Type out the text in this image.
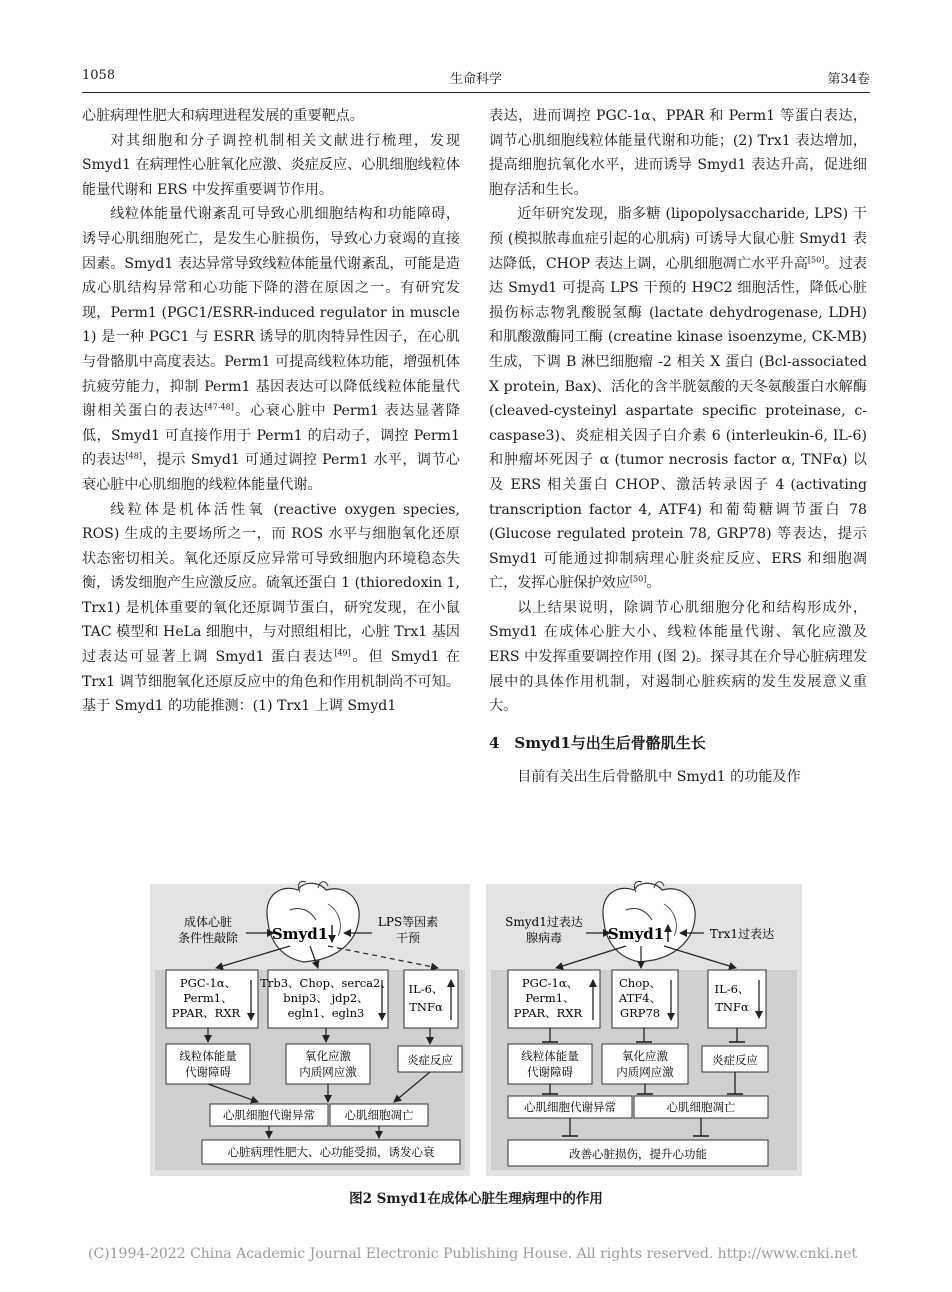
1058	生命科学	第34卷

心脏病理性肥大和病理进程发展的重要靶点。

对其细胞和分子调控机制相关文献进行梳理，发现 Smyd1 在病理性心脏氧化应激、炎症反应、心肌细胞线粒体能量代谢和 ERS 中发挥重要调节作用。

线粒体能量代谢紊乱可导致心肌细胞结构和功能障碍，诱导心肌细胞死亡，是发生心脏损伤，导致心力衰竭的直接因素。Smyd1 表达异常导致线粒体能量代谢紊乱，可能是造成心肌结构异常和心功能下降的潜在原因之一。有研究发现，Perm1 (PGC1/ESRR-induced regulator in muscle 1) 是一种 PGC1 与 ESRR 诱导的肌肉特异性因子，在心肌与骨骼肌中高度表达。Perm1 可提高线粒体功能，增强机体抗疲劳能力，抑制 Perm1 基因表达可以降低线粒体能量代谢相关蛋白的表达[47-48]。心衰心脏中 Perm1 表达显著降低，Smyd1 可直接作用于 Perm1 的启动子，调控 Perm1 的表达[48]，提示 Smyd1 可通过调控 Perm1 水平，调节心衰心脏中心肌细胞的线粒体能量代谢。

线粒体是机体活性氧 (reactive oxygen species, ROS) 生成的主要场所之一，而 ROS 水平与细胞氧化还原状态密切相关。氧化还原反应异常可导致细胞内环境稳态失衡，诱发细胞产生应激反应。硫氧还蛋白 1 (thioredoxin 1, Trx1) 是机体重要的氧化还原调节蛋白，研究发现，在小鼠 TAC 模型和 HeLa 细胞中，与对照组相比，心脏 Trx1 基因过表达可显著上调 Smyd1 蛋白表达[49]。但 Smyd1 在 Trx1 调节细胞氧化还原反应中的角色和作用机制尚不可知。基于 Smyd1 的功能推测：(1) Trx1 上调 Smyd1

表达，进而调控 PGC-1α、PPAR 和 Perm1 等蛋白表达，调节心肌细胞线粒体能量代谢和功能；(2) Trx1 表达增加，提高细胞抗氧化水平，进而诱导 Smyd1 表达升高，促进细胞存活和生长。

近年研究发现，脂多糖 (lipopolysaccharide, LPS) 干预 (模拟脓毒血症引起的心肌病) 可诱导大鼠心脏 Smyd1 表达降低，CHOP 表达上调，心肌细胞凋亡水平升高[50]。过表达 Smyd1 可提高 LPS 干预的 H9C2 细胞活性，降低心脏损伤标志物乳酸脱氢酶 (lactate dehydrogenase, LDH) 和肌酸激酶同工酶 (creatine kinase isoenzyme, CK-MB) 生成，下调 B 淋巴细胞瘤 -2 相关 X 蛋白 (Bcl-associated X protein, Bax)、活化的含半胱氨酸的天冬氨酸蛋白水解酶 (cleaved-cysteinyl aspartate specific proteinase, c-caspase3)、炎症相关因子白介素 6 (interleukin-6, IL-6) 和肿瘤坏死因子 α (tumor necrosis factor α, TNFα) 以及 ERS 相关蛋白 CHOP、激活转录因子 4 (activating transcription factor 4, ATF4) 和葡萄糖调节蛋白 78 (Glucose regulated protein 78, GRP78) 等表达，提示 Smyd1 可能通过抑制病理心脏炎症反应、ERS 和细胞凋亡，发挥心脏保护效应[50]。

以上结果说明，除调节心肌细胞分化和结构形成外，Smyd1 在成体心脏大小、线粒体能量代谢、氧化应激及 ERS 中发挥重要调控作用 (图 2)。探寻其在介导心脏病理发展中的具体作用机制，对遏制心脏疾病的发生发展意义重大。

4　Smyd1与出生后骨骼肌生长

目前有关出生后骨骼肌中 Smyd1 的功能及作

Smyd1
成体心脏
条件性敲除
LPS等因素
干预
PGC-1α、
Perm1、
PPAR、RXR
Trb3、Chop、serca2、
bnip3、 jdp2、
egln1、egln3
IL-6、
TNFα
线粒体能量
代谢障碍
氧化应激
内质网应激
炎症反应
心肌细胞代谢异常	心肌细胞凋亡
心脏病理性肥大、心功能受损，诱发心衰
Smyd1
Smyd1过表达
腺病毒	Trx1过表达
PGC-1α、
Perm1、
PPAR、RXR
Chop、
ATF4、
GRP78
IL-6、
TNFα
线粒体能量
代谢障碍
氧化应激
内质网应激
炎症反应
心肌细胞代谢异常	心肌细胞凋亡
改善心脏损伤，提升心功能
图2 Smyd1在成体心脏生理病理中的作用
(C)1994-2022 China Academic Journal Electronic Publishing House. All rights reserved. http://www.cnki.net
